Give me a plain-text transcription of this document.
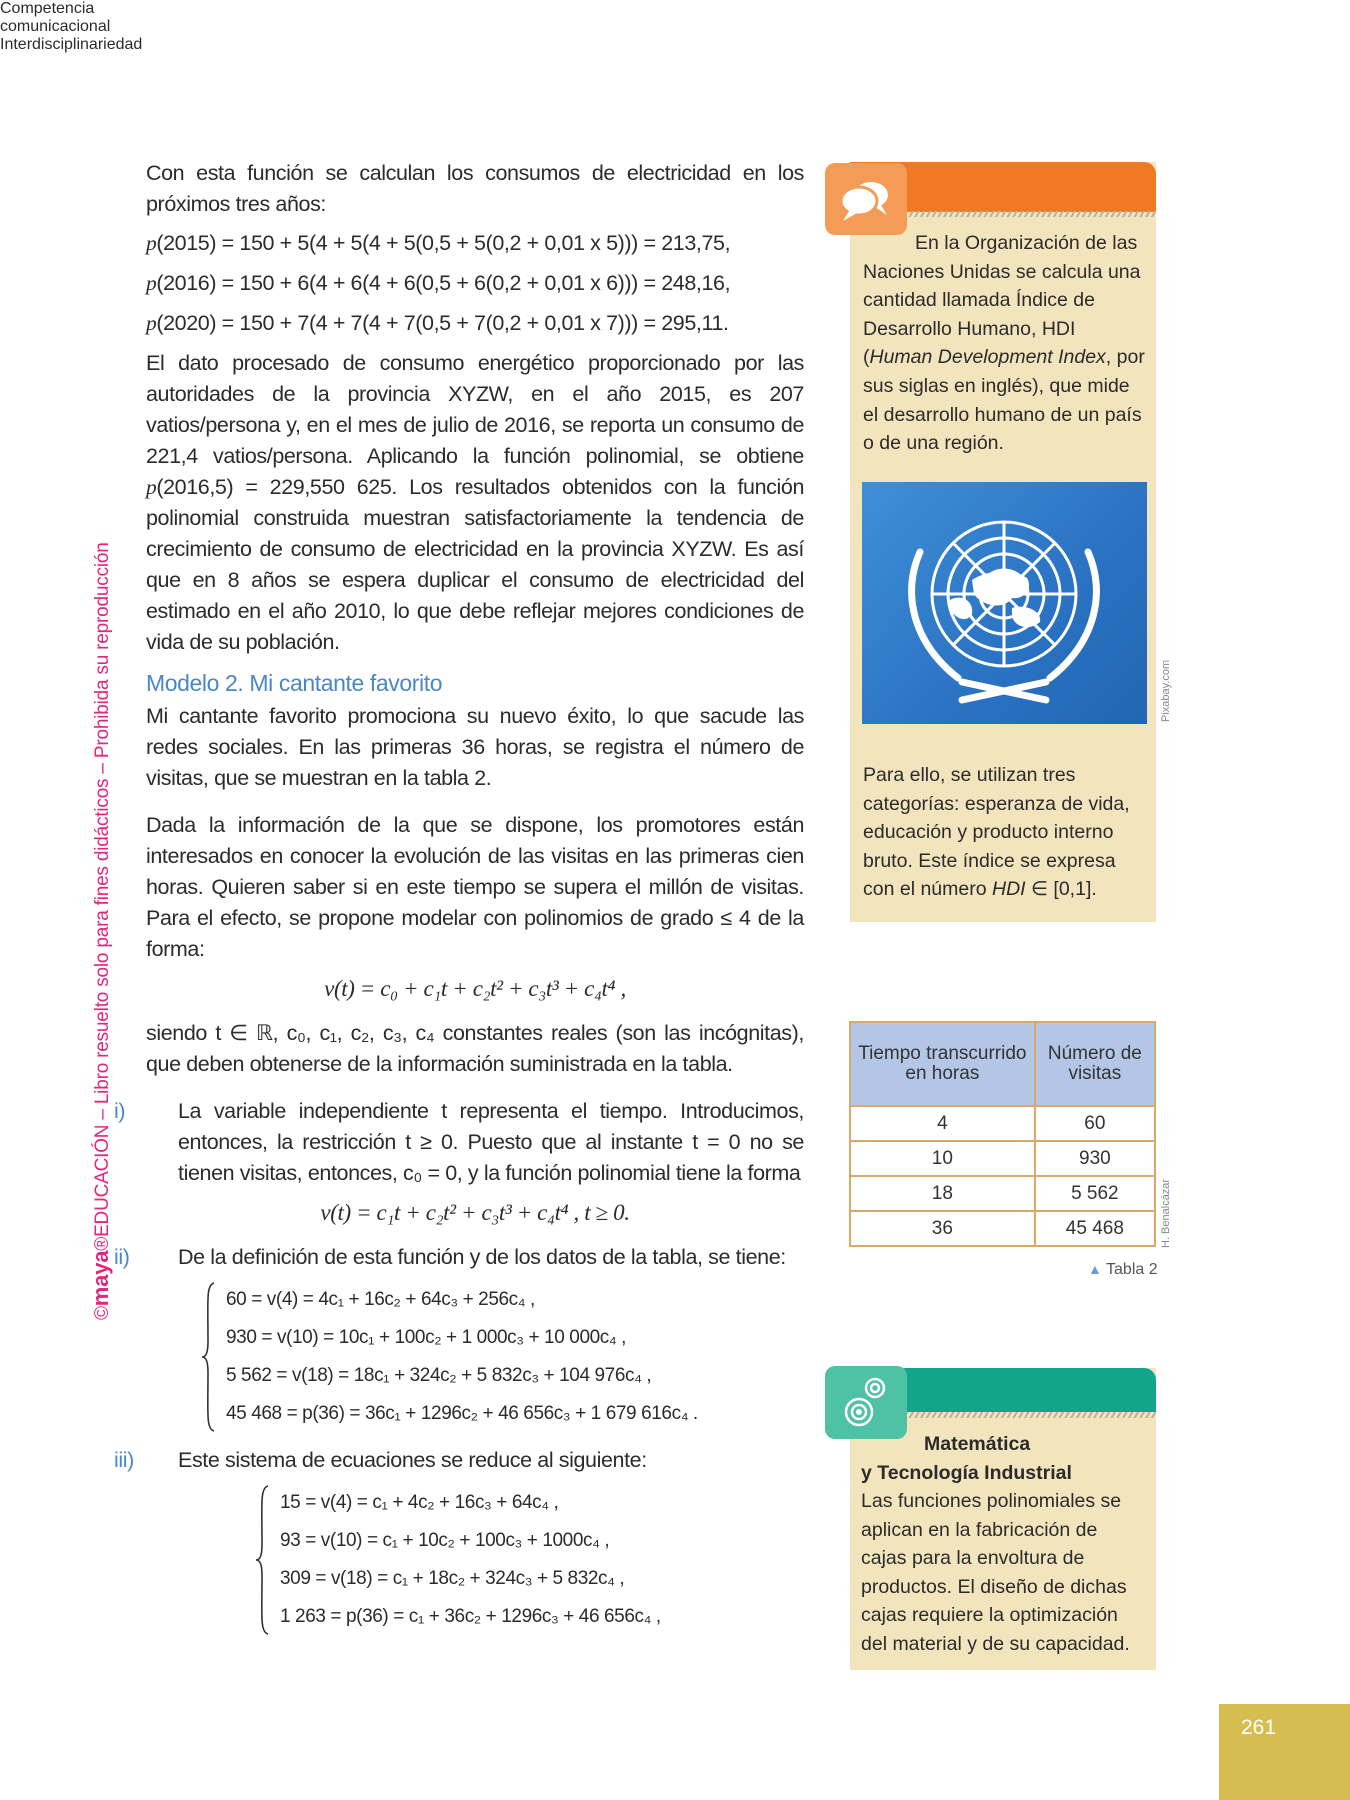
©maya®EDUCACIÓN – Libro resuelto solo para fines didácticos – Prohibida su reproducción

Con esta función se calculan los consumos de electricidad en los próximos tres años:

p(2015) = 150 + 5(4 + 5(4 + 5(0,5 + 5(0,2 + 0,01 x 5))) = 213,75,
p(2016) = 150 + 6(4 + 6(4 + 6(0,5 + 6(0,2 + 0,01 x 6))) = 248,16,
p(2020) = 150 + 7(4 + 7(4 + 7(0,5 + 7(0,2 + 0,01 x 7))) = 295,11.

El dato procesado de consumo energético proporcionado por las autoridades de la provincia XYZW, en el año 2015, es 207 vatios/persona y, en el mes de julio de 2016, se reporta un consumo de 221,4 vatios/persona. Aplicando la función polinomial, se obtiene p(2016,5) = 229,550 625. Los resultados obtenidos con la función polinomial construida muestran satisfactoriamente la tendencia de crecimiento de consumo de electricidad en la provincia XYZW. Es así que en 8 años se espera duplicar el consumo de electricidad del estimado en el año 2010, lo que debe reflejar mejores condiciones de vida de su población.

Modelo 2. Mi cantante favorito

Mi cantante favorito promociona su nuevo éxito, lo que sacude las redes sociales. En las primeras 36 horas, se registra el número de visitas, que se muestran en la tabla 2.

Dada la información de la que se dispone, los promotores están interesados en conocer la evolución de las visitas en las primeras cien horas. Quieren saber si en este tiempo se supera el millón de visitas. Para el efecto, se propone modelar con polinomios de grado ≤ 4 de la forma:

v(t) = c₀ + c₁t + c₂t² + c₃t³ + c₄t⁴ ,

siendo t ∈ ℝ, c₀, c₁, c₂, c₃, c₄ constantes reales (son las incógnitas), que deben obtenerse de la información suministrada en la tabla.

i) La variable independiente t representa el tiempo. Introducimos, entonces, la restricción t ≥ 0. Puesto que al instante t = 0 no se tienen visitas, entonces, c₀ = 0, y la función polinomial tiene la forma
v(t) = c₁t + c₂t² + c₃t³ + c₄t⁴ , t ≥ 0.
ii) De la definición de esta función y de los datos de la tabla, se tiene:
60 = v(4) = 4c₁ + 16c₂ + 64c₃ + 256c₄ ,
930 = v(10) = 10c₁ + 100c₂ + 1 000c₃ + 10 000c₄ ,
5 562 = v(18) = 18c₁ + 324c₂ + 5 832c₃ + 104 976c₄ ,
45 468 = p(36) = 36c₁ + 1296c₂ + 46 656c₃ + 1 679 616c₄ .
iii) Este sistema de ecuaciones se reduce al siguiente:
15 = v(4) = c₁ + 4c₂ + 16c₃ + 64c₄ ,
93 = v(10) = c₁ + 10c₂ + 100c₃ + 1000c₄ ,
309 = v(18) = c₁ + 18c₂ + 324c₃ + 5 832c₄ ,
1 263 = p(36) = c₁ + 36c₂ + 1296c₃ + 46 656c₄ ,
Competencia
comunicacional
En la Organización de las Naciones Unidas se calcula una cantidad llamada Índice de Desarrollo Humano, HDI (Human Development Index, por sus siglas en inglés), que mide el desarrollo humano de un país o de una región.
Pixabay.com
Para ello, se utilizan tres categorías: esperanza de vida, educación y producto interno bruto. Este índice se expresa con el número HDI ∈ [0,1].
Tiempo transcurrido en horas	Número de visitas
4	60
10	930
18	5 562
36	45 468	H. Benalcázar
▲ Tabla 2
Interdisciplinariedad
Matemática
y Tecnología Industrial
Las funciones polinomiales se aplican en la fabricación de cajas para la envoltura de productos. El diseño de dichas cajas requiere la optimización del material y de su capacidad.
261
